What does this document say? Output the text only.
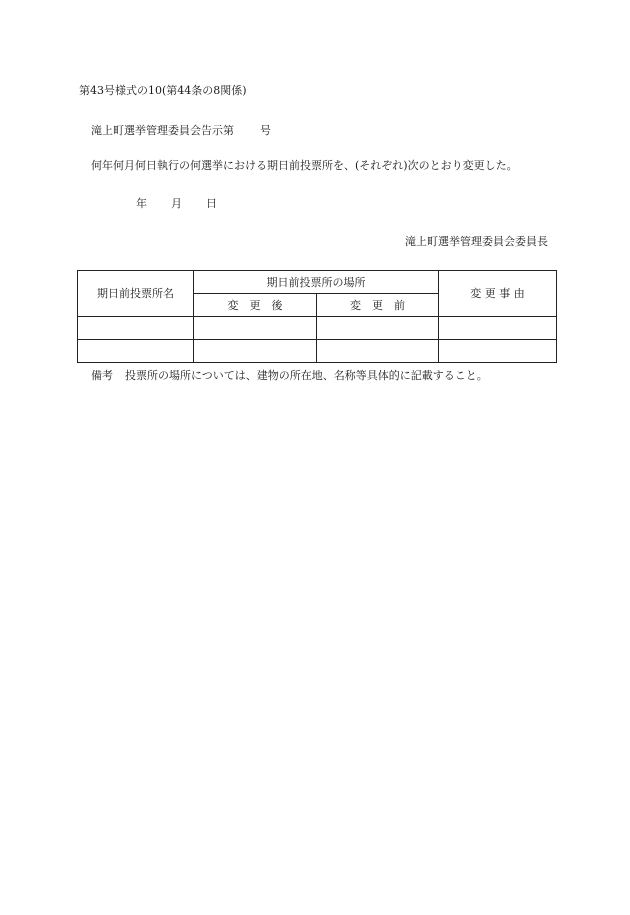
第43号様式の10(第44条の8関係)
滝上町選挙管理委員会告示第 号
何年何月何日執行の何選挙における期日前投票所を、(それぞれ)次のとおり変更した。
年 月 日
滝上町選挙管理委員会委員長
期日前投票所名	期日前投票所の場所		変 更 事 由
	変　更　後	変　更　前	

備考 投票所の場所については、建物の所在地、名称等具体的に記載すること。
